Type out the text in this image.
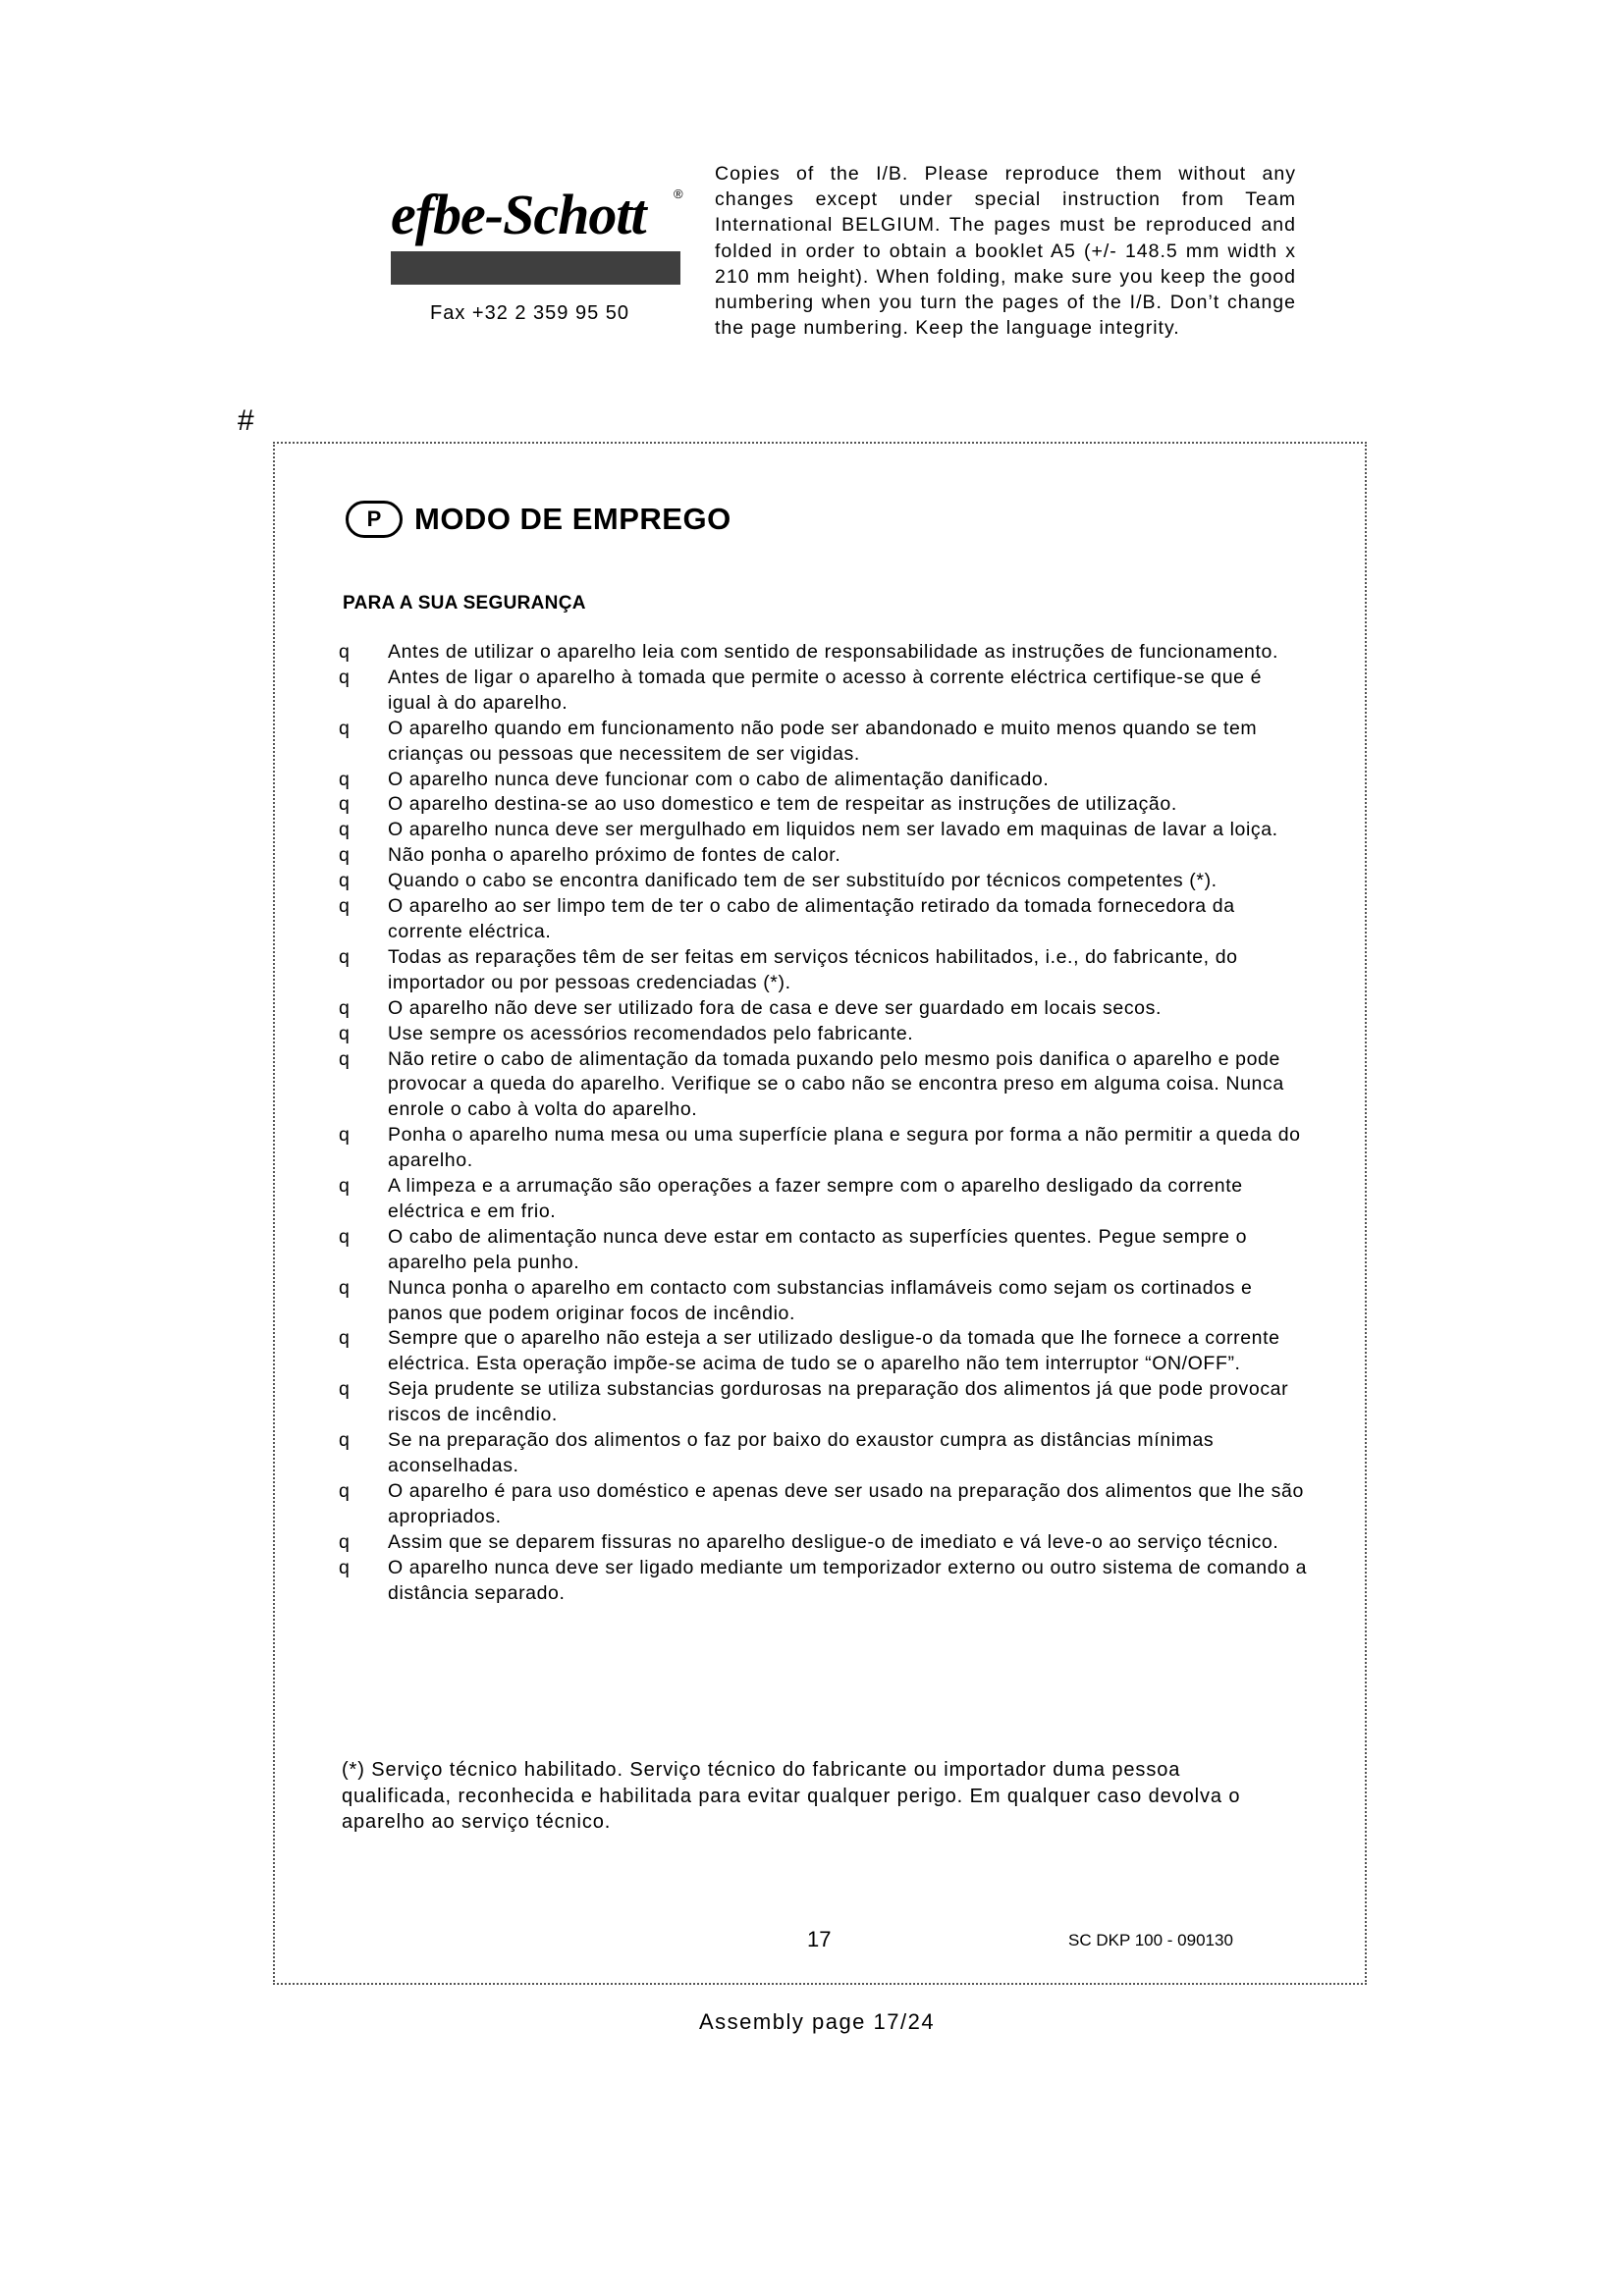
efbe-Schott	®
Fax +32 2 359 95 50
Copies of the I/B. Please reproduce them without any changes except under special instruction from Team International BELGIUM. The pages must be reproduced and folded in order to obtain a booklet A5 (+/- 148.5 mm width x 210 mm height). When folding, make sure you keep the good numbering when you turn the pages of the I/B. Don’t change the page numbering. Keep the language integrity.
#
P	MODO DE EMPREGO
PARA A SUA SEGURANÇA
q Antes de utilizar o aparelho leia com sentido de responsabilidade as instruções de funcionamento.
q Antes de ligar o aparelho à tomada que permite o acesso à corrente eléctrica certifique-se que é igual à do aparelho.
q O aparelho quando em funcionamento não pode ser abandonado e muito menos quando se tem crianças ou pessoas que necessitem de ser vigidas.
q O aparelho nunca deve funcionar com o cabo de alimentação danificado.
q O aparelho destina-se ao uso domestico e tem de respeitar as instruções de utilização.
q O aparelho nunca deve ser mergulhado em liquidos nem ser lavado em maquinas de lavar a loiça.
q Não ponha o aparelho próximo de fontes de calor.
q Quando o cabo se encontra danificado tem de ser substituído por técnicos competentes (*).
q O aparelho ao ser limpo tem de ter o cabo de alimentação retirado da tomada fornecedora da corrente eléctrica.
q Todas as reparações têm de ser feitas em serviços técnicos habilitados, i.e., do fabricante, do importador ou por pessoas credenciadas (*).
q O aparelho não deve ser utilizado fora de casa e deve ser guardado em locais secos.
q Use sempre os acessórios recomendados pelo fabricante.
q Não retire o cabo de alimentação da tomada puxando pelo mesmo pois danifica o aparelho e pode provocar a queda do aparelho. Verifique se o cabo não se encontra preso em alguma coisa. Nunca enrole o cabo à volta do aparelho.
q Ponha o aparelho numa mesa ou uma superfície plana e segura por forma a não permitir a queda do aparelho.
q A limpeza e a arrumação são operações a fazer sempre com o aparelho desligado da corrente eléctrica e em frio.
q O cabo de alimentação nunca deve estar em contacto as superfícies quentes. Pegue sempre o aparelho pela punho.
q Nunca ponha o aparelho em contacto com substancias inflamáveis como sejam os cortinados e panos que podem originar focos de incêndio.
q Sempre que o aparelho não esteja a ser utilizado desligue-o da tomada que lhe fornece a corrente eléctrica. Esta operação impõe-se acima de tudo se o aparelho não tem interruptor “ON/OFF”.
q Seja prudente se utiliza substancias gordurosas na preparação dos alimentos já que pode provocar riscos de incêndio.
q Se na preparação dos alimentos o faz por baixo do exaustor cumpra as distâncias mínimas aconselhadas.
q O aparelho é para uso doméstico e apenas deve ser usado na preparação dos alimentos que lhe são apropriados.
q Assim que se deparem fissuras no aparelho desligue-o de imediato e vá leve-o ao serviço técnico.
q O aparelho nunca deve ser ligado mediante um temporizador externo ou outro sistema de comando a distância separado.
(*) Serviço técnico habilitado. Serviço técnico do fabricante ou importador duma pessoa qualificada, reconhecida e habilitada para evitar qualquer perigo. Em qualquer caso devolva o aparelho ao serviço técnico.
17	SC DKP 100 - 090130
Assembly page 17/24
